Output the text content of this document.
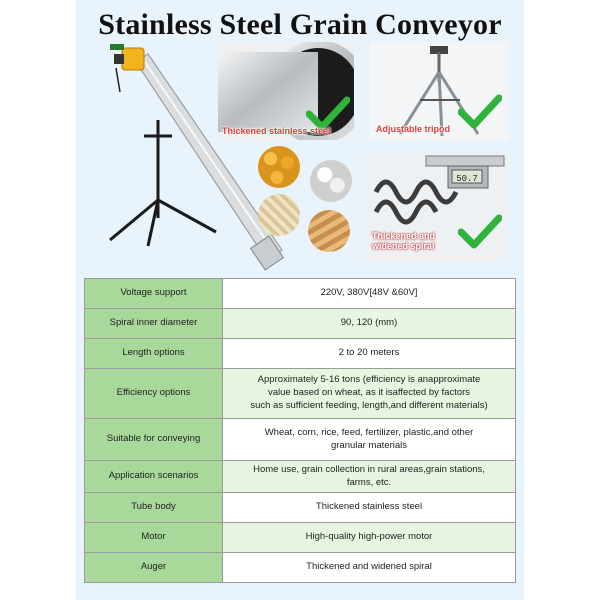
Stainless Steel Grain Conveyor
Thickened stainless steel	Adjustable tripod
50.7
Thickened and
widened spiral
Voltage support	220V, 380V[48V &60V]

Spiral inner diameter	90, 120 (mm)

Length options	2 to 20 meters

Efficiency options	Approximately 5-16 tons (efficiency is anapproximate
value based on wheat, as it isaffected by factors
such as sufficient feeding, length,and different materials)

Suitable for conveying	Wheat, corn, rice, feed, fertilizer, plastic,and other
granular materials

Application scenarios	Home use, grain collection in rural areas,grain stations,
farms, etc.

Tube body	Thickened stainless steel

Motor	High-quality high-power motor

Auger	Thickened and widened spiral
